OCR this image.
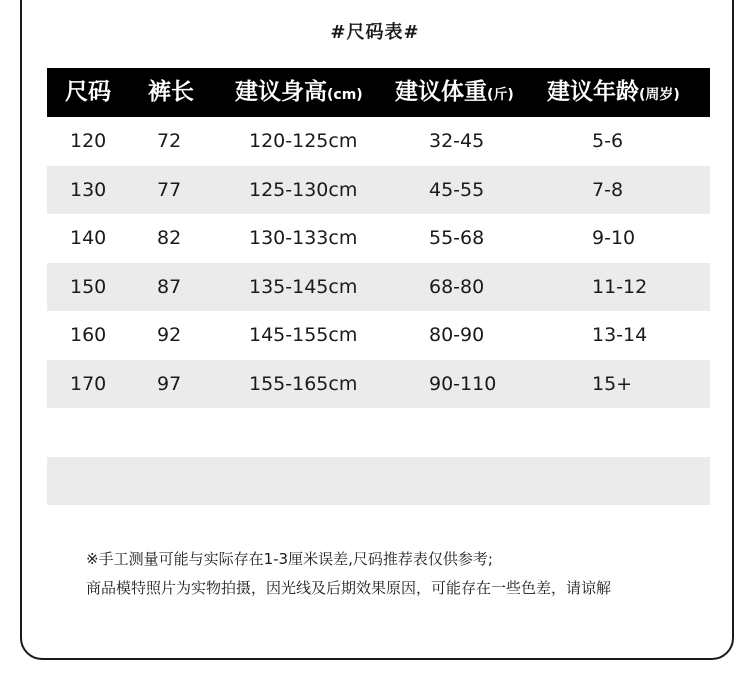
#尺码表#
尺码 裤长 建议身高(cm) 建议体重(斤) 建议年龄(周岁)
120	72	120-125cm	32-45	5-6
130	77	125-130cm	45-55	7-8
140	82	130-133cm	55-68	9-10
150	87	135-145cm	68-80	11-12
160	92	145-155cm	80-90	13-14
170	97	155-165cm	90-110	15+
※手工测量可能与实际存在1-3厘米误差,尺码推荐表仅供参考;
商品模特照片为实物拍摄，因光线及后期效果原因，可能存在一些色差，请谅解
